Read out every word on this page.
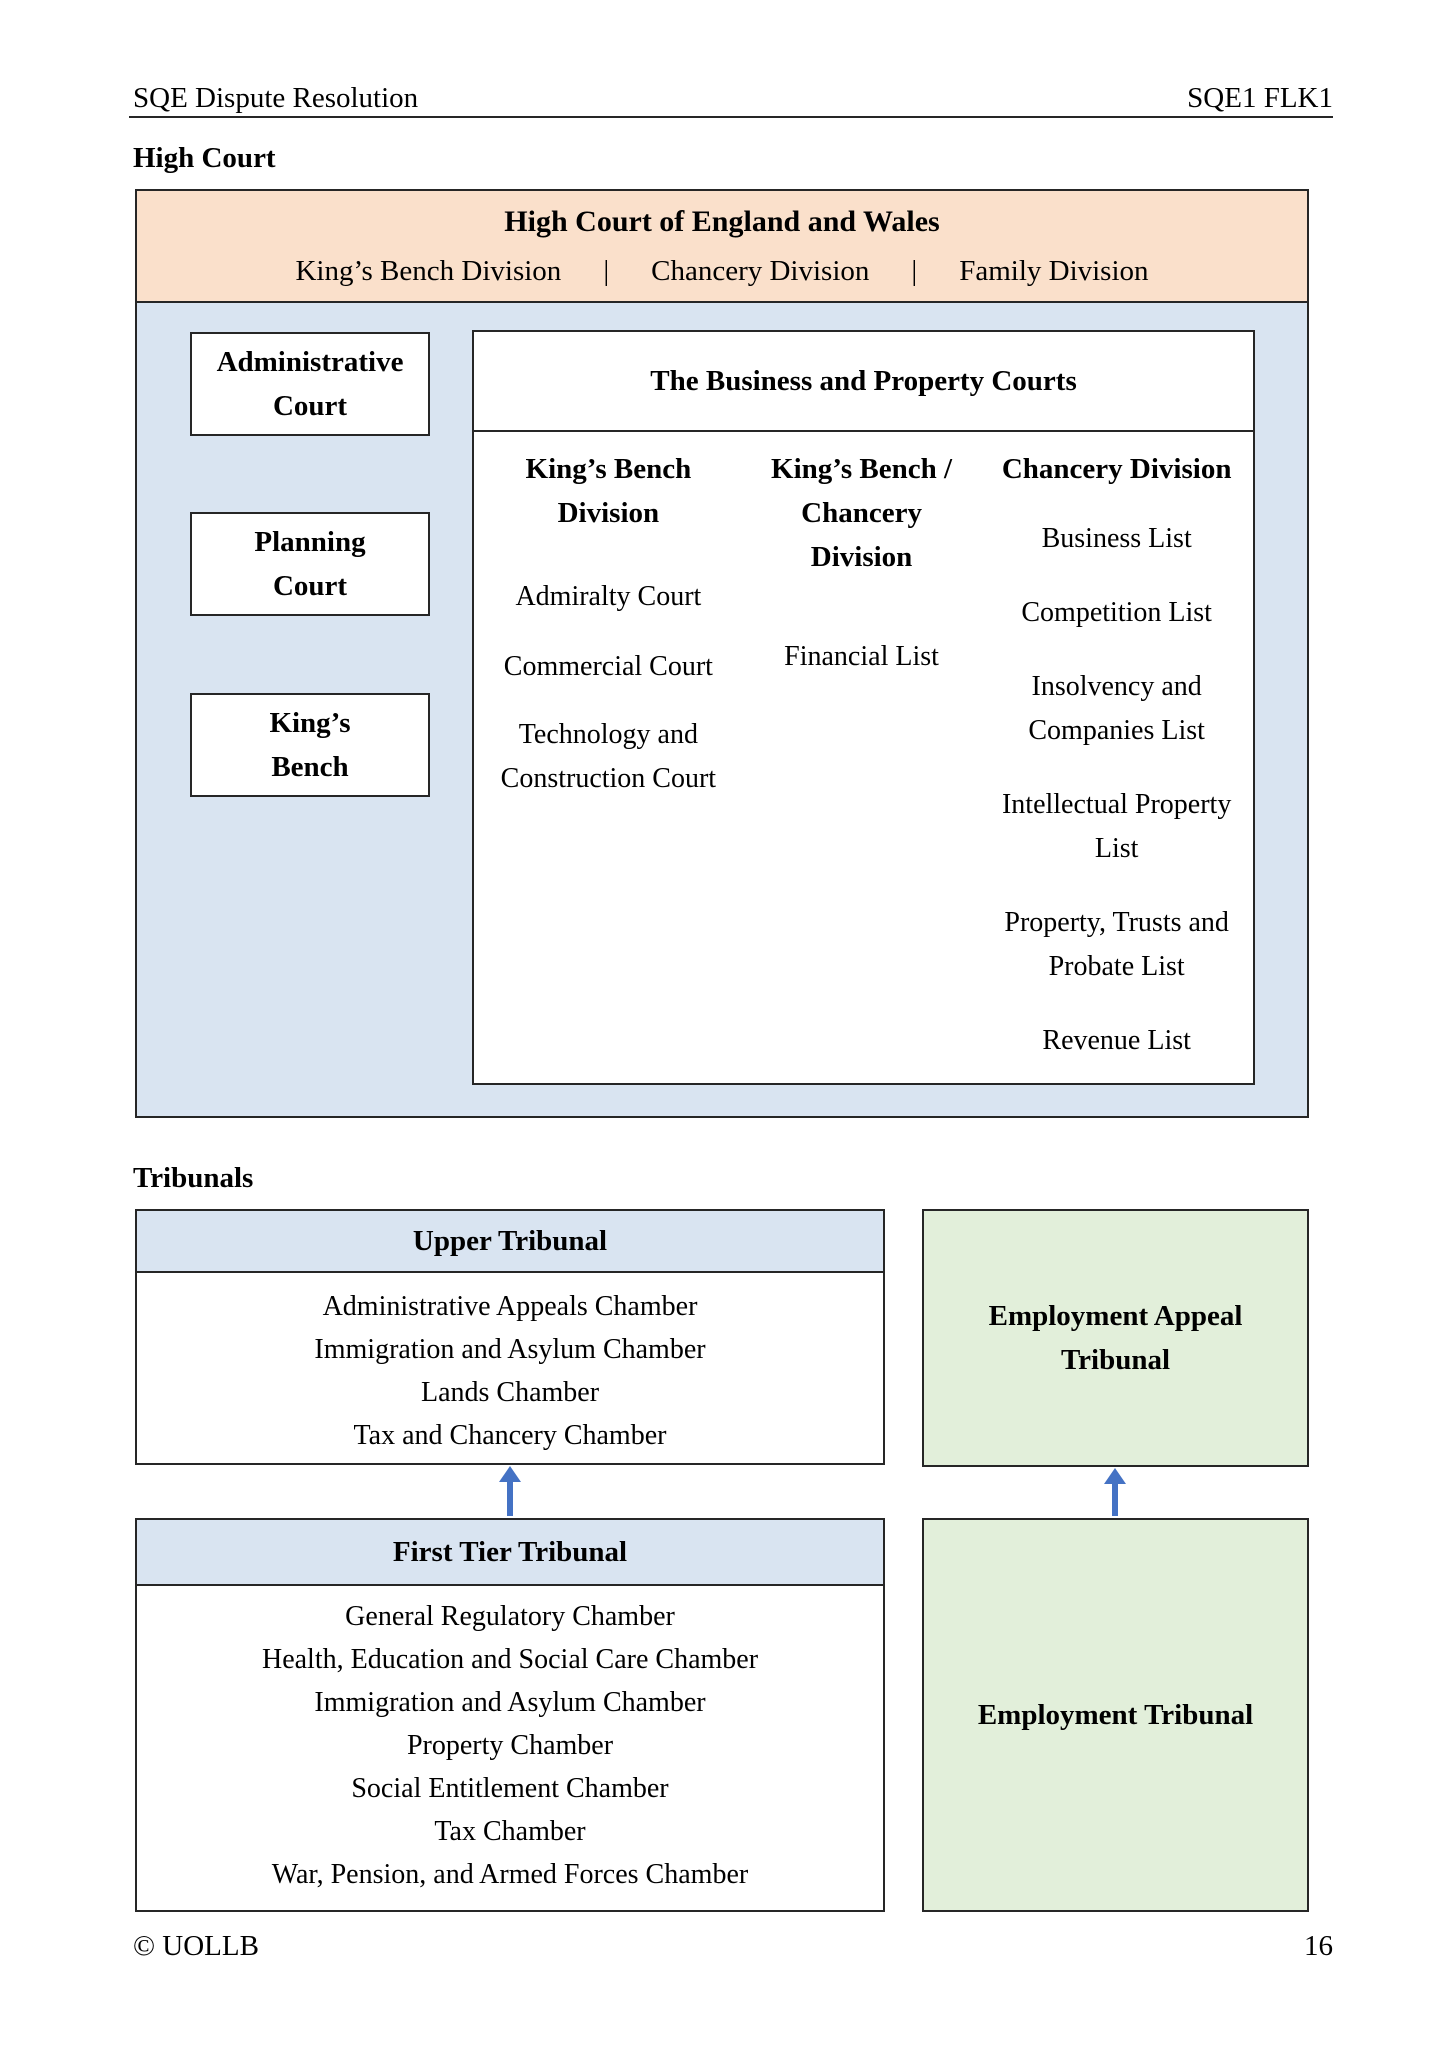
SQE Dispute Resolution	SQE1 FLK1
High Court
High Court of England and Wales
King’s Bench Division | Chancery Division | Family Division
Administrative
Court
Planning
Court
King’s
Bench
The Business and Property Courts
King’s Bench
Division
Admiralty Court
Commercial Court
Technology and Construction Court
King’s Bench /
Chancery
Division
Financial List
Chancery Division
Business List
Competition List
Insolvency and Companies List
Intellectual Property List
Property, Trusts and Probate List
Revenue List
Tribunals
Upper Tribunal
Administrative Appeals Chamber
Immigration and Asylum Chamber
Lands Chamber
Tax and Chancery Chamber
Employment Appeal
Tribunal
First Tier Tribunal
General Regulatory Chamber
Health, Education and Social Care Chamber
Immigration and Asylum Chamber
Property Chamber
Social Entitlement Chamber
Tax Chamber
War, Pension, and Armed Forces Chamber
Employment Tribunal
© UOLLB	16
